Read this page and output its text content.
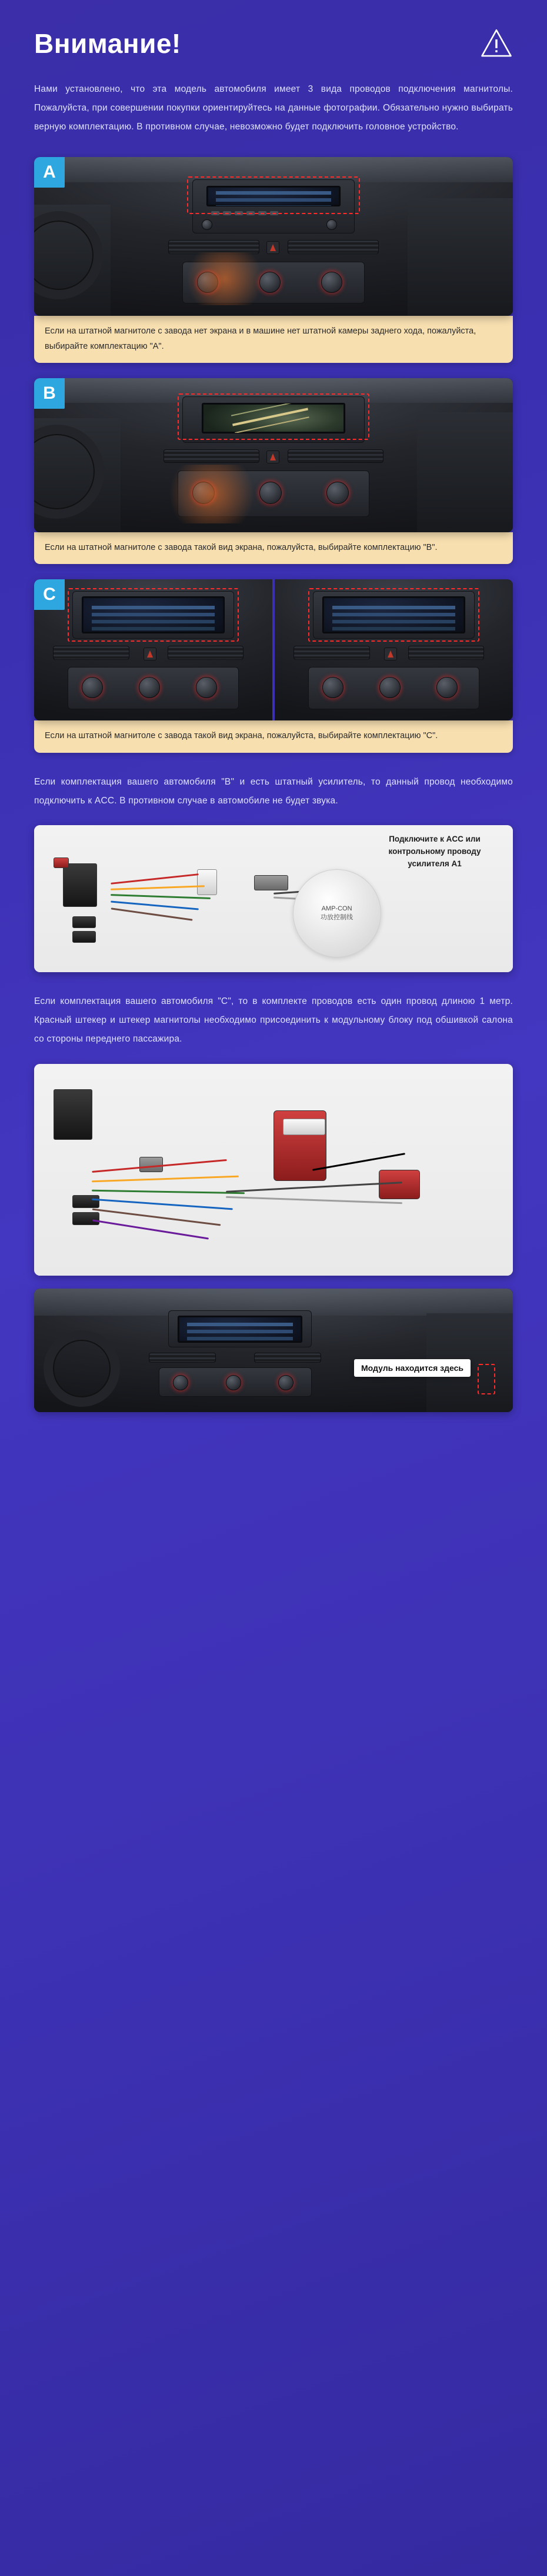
Внимание!
Нами установлено, что эта модель автомобиля имеет 3 вида проводов подключения магнитолы. Пожалуйста, при совершении покупки ориентируйтесь на данные фотографии. Обязательно нужно выбирать верную комплектацию. В противном случае, невозможно будет подключить головное устройство.
A
Если на штатной магнитоле с завода нет экрана и в машине нет штатной камеры заднего хода, пожалуйста, выбирайте комплектацию "A".
B
Если на штатной магнитоле с завода такой вид экрана, пожалуйста, выбирайте комплектацию "B".
C
Если на штатной магнитоле с завода такой вид экрана, пожалуйста, выбирайте комплектацию "C".
Если комплектация вашего автомобиля "B" и есть штатный усилитель, то данный провод необходимо подключить к ACC. В противном случае в автомобиле не будет звука.
AMP-CON
功放控制线
Подключите к ACC или контрольному проводу усилителя А1
Если комплектация вашего автомобиля "C", то в комплекте проводов есть один провод длиною 1 метр. Красный штекер и штекер магнитолы необходимо присоединить к модульному блоку под обшивкой салона со стороны переднего пассажира.
Модуль находится здесь
